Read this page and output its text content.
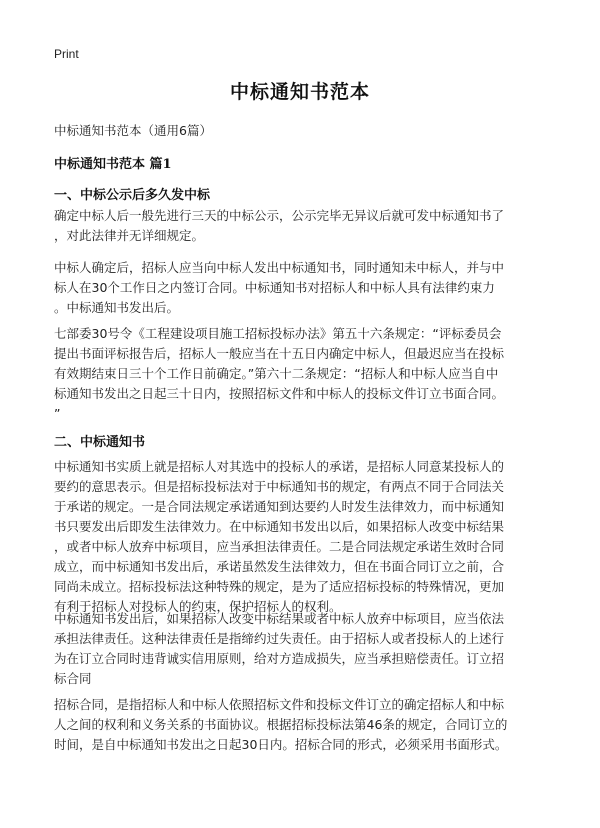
Print
中标通知书范本
中标通知书范本（通用6篇）
中标通知书范本 篇1
一、中标公示后多久发中标
确定中标人后一般先进行三天的中标公示，公示完毕无异议后就可发中标通知书了
，对此法律并无详细规定。
中标人确定后，招标人应当向中标人发出中标通知书，同时通知未中标人，并与中
标人在30个工作日之内签订合同。中标通知书对招标人和中标人具有法律约束力
。中标通知书发出后。
七部委30号令《工程建设项目施工招标投标办法》第五十六条规定：“评标委员会
提出书面评标报告后，招标人一般应当在十五日内确定中标人，但最迟应当在投标
有效期结束日三十个工作日前确定。”第六十二条规定：“招标人和中标人应当自中
标通知书发出之日起三十日内，按照招标文件和中标人的投标文件订立书面合同。
”
二、中标通知书
中标通知书实质上就是招标人对其选中的投标人的承诺，是招标人同意某投标人的
要约的意思表示。但是招标投标法对于中标通知书的规定，有两点不同于合同法关
于承诺的规定。一是合同法规定承诺通知到达要约人时发生法律效力，而中标通知
书只要发出后即发生法律效力。在中标通知书发出以后，如果招标人改变中标结果
，或者中标人放弃中标项目，应当承担法律责任。二是合同法规定承诺生效时合同
成立，而中标通知书发出后，承诺虽然发生法律效力，但在书面合同订立之前，合
同尚未成立。招标投标法这种特殊的规定，是为了适应招标投标的特殊情况，更加
有利于招标人对投标人的约束，保护招标人的权利。
中标通知书发出后，如果招标人改变中标结果或者中标人放弃中标项目，应当依法
承担法律责任。这种法律责任是指缔约过失责任。由于招标人或者投标人的上述行
为在订立合同时违背诚实信用原则，给对方造成损失，应当承担赔偿责任。订立招
标合同
招标合同，是指招标人和中标人依照招标文件和投标文件订立的确定招标人和中标
人之间的权利和义务关系的书面协议。根据招标投标法第46条的规定，合同订立的
时间，是自中标通知书发出之日起30日内。招标合同的形式，必须采用书面形式。
